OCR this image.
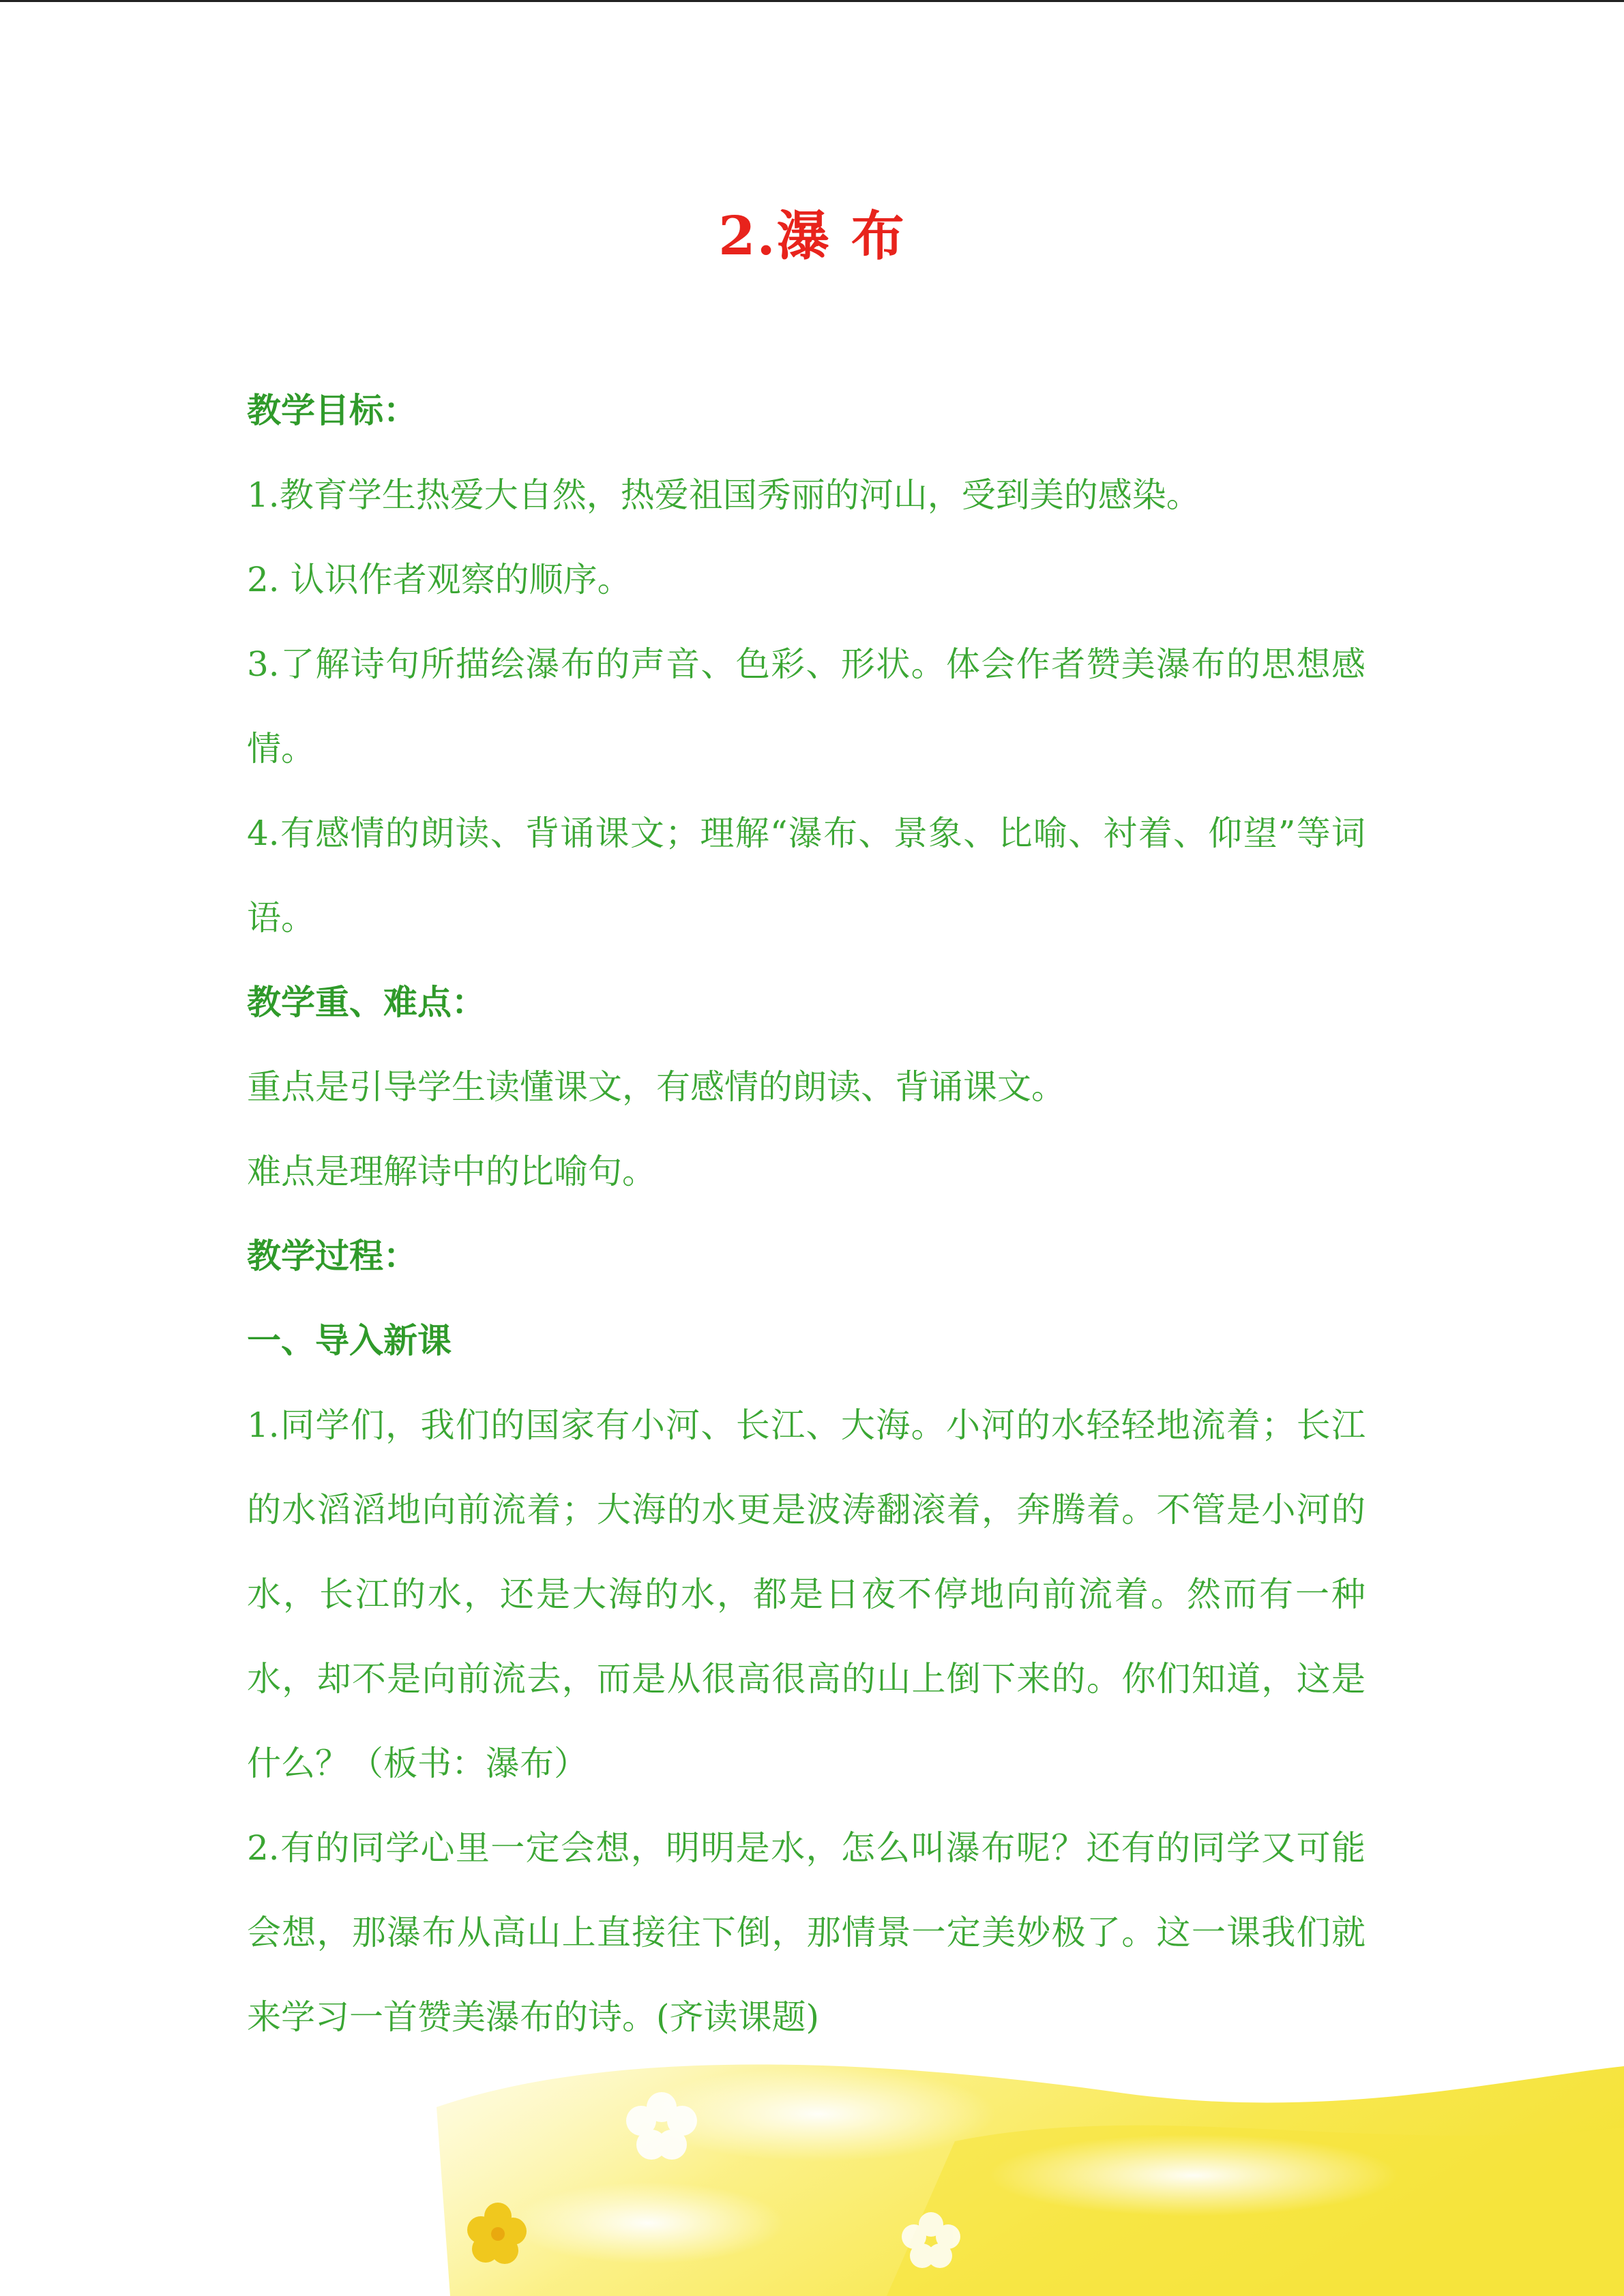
2.瀑 布

教学目标：

1.教育学生热爱大自然，热爱祖国秀丽的河山，受到美的感染。

2. 认识作者观察的顺序。

3.了解诗句所描绘瀑布的声音、色彩、形状。体会作者赞美瀑布的思想感情。

4.有感情的朗读、背诵课文；理解“瀑布、景象、比喻、衬着、仰望”等词语。

教学重、难点：

重点是引导学生读懂课文，有感情的朗读、背诵课文。

难点是理解诗中的比喻句。

教学过程：

一、导入新课

1.同学们，我们的国家有小河、长江、大海。小河的水轻轻地流着；长江的水滔滔地向前流着；大海的水更是波涛翻滚着，奔腾着。不管是小河的水，长江的水，还是大海的水，都是日夜不停地向前流着。然而有一种水，却不是向前流去，而是从很高很高的山上倒下来的。你们知道，这是什么？（板书：瀑布）

2.有的同学心里一定会想，明明是水，怎么叫瀑布呢？还有的同学又可能会想，那瀑布从高山上直接往下倒，那情景一定美妙极了。这一课我们就来学习一首赞美瀑布的诗。(齐读课题)
